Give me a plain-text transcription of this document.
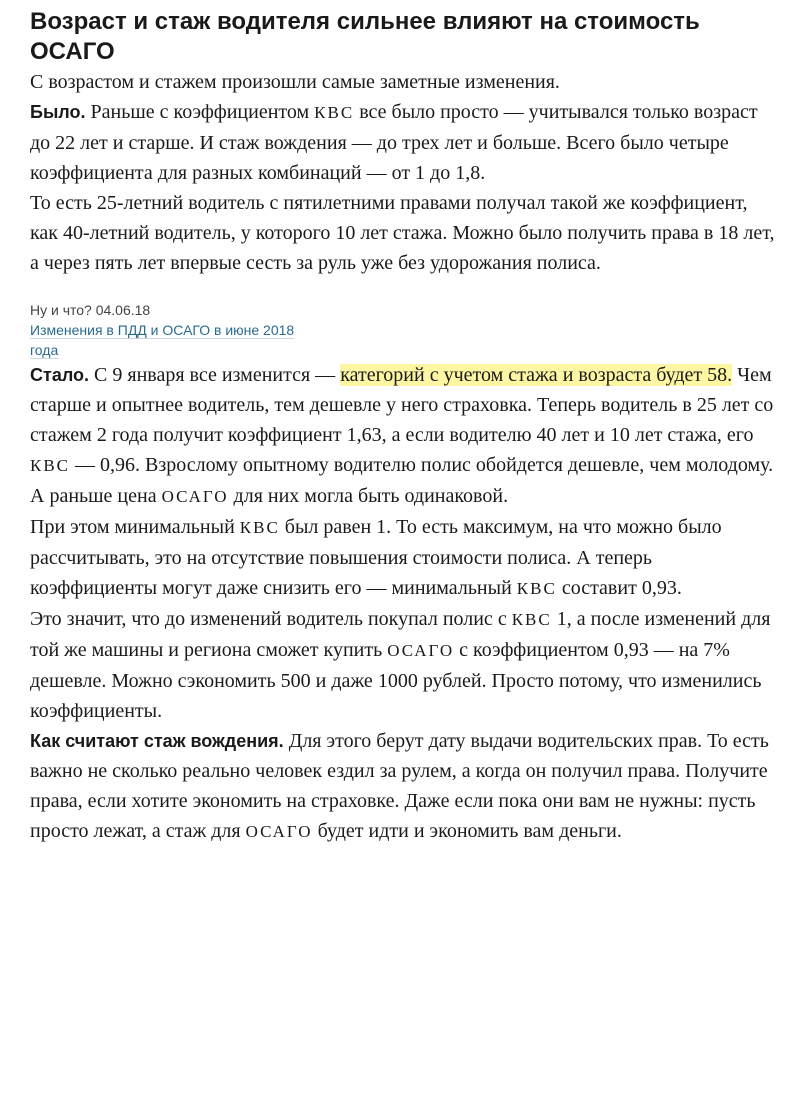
Возраст и стаж водителя сильнее влияют на стоимость ОСАГО

С возрастом и стажем произошли самые заметные изменения.

Было. Раньше с коэффициентом КВС все было просто — учитывался только возраст до 22 лет и старше. И стаж вождения — до трех лет и больше. Всего было четыре коэффициента для разных комбинаций — от 1 до 1,8.

То есть 25-летний водитель с пятилетними правами получал такой же коэффициент, как 40-летний водитель, у которого 10 лет стажа. Можно было получить права в 18 лет, а через пять лет впервые сесть за руль уже без удорожания полиса.

Ну и что? 04.06.18
Изменения в ПДД и ОСАГО в июне 2018 года

Стало. С 9 января все изменится — категорий с учетом стажа и возраста будет 58. Чем старше и опытнее водитель, тем дешевле у него страховка. Теперь водитель в 25 лет со стажем 2 года получит коэффициент 1,63, а если водителю 40 лет и 10 лет стажа, его КВС — 0,96. Взрослому опытному водителю полис обойдется дешевле, чем молодому. А раньше цена ОСАГО для них могла быть одинаковой.

При этом минимальный КВС был равен 1. То есть максимум, на что можно было рассчитывать, это на отсутствие повышения стоимости полиса. А теперь коэффициенты могут даже снизить его — минимальный КВС составит 0,93.

Это значит, что до изменений водитель покупал полис с КВС 1, а после изменений для той же машины и региона сможет купить ОСАГО с коэффициентом 0,93 — на 7% дешевле. Можно сэкономить 500 и даже 1000 рублей. Просто потому, что изменились коэффициенты.

Как считают стаж вождения. Для этого берут дату выдачи водительских прав. То есть важно не сколько реально человек ездил за рулем, а когда он получил права. Получите права, если хотите экономить на страховке. Даже если пока они вам не нужны: пусть просто лежат, а стаж для ОСАГО будет идти и экономить вам деньги.
